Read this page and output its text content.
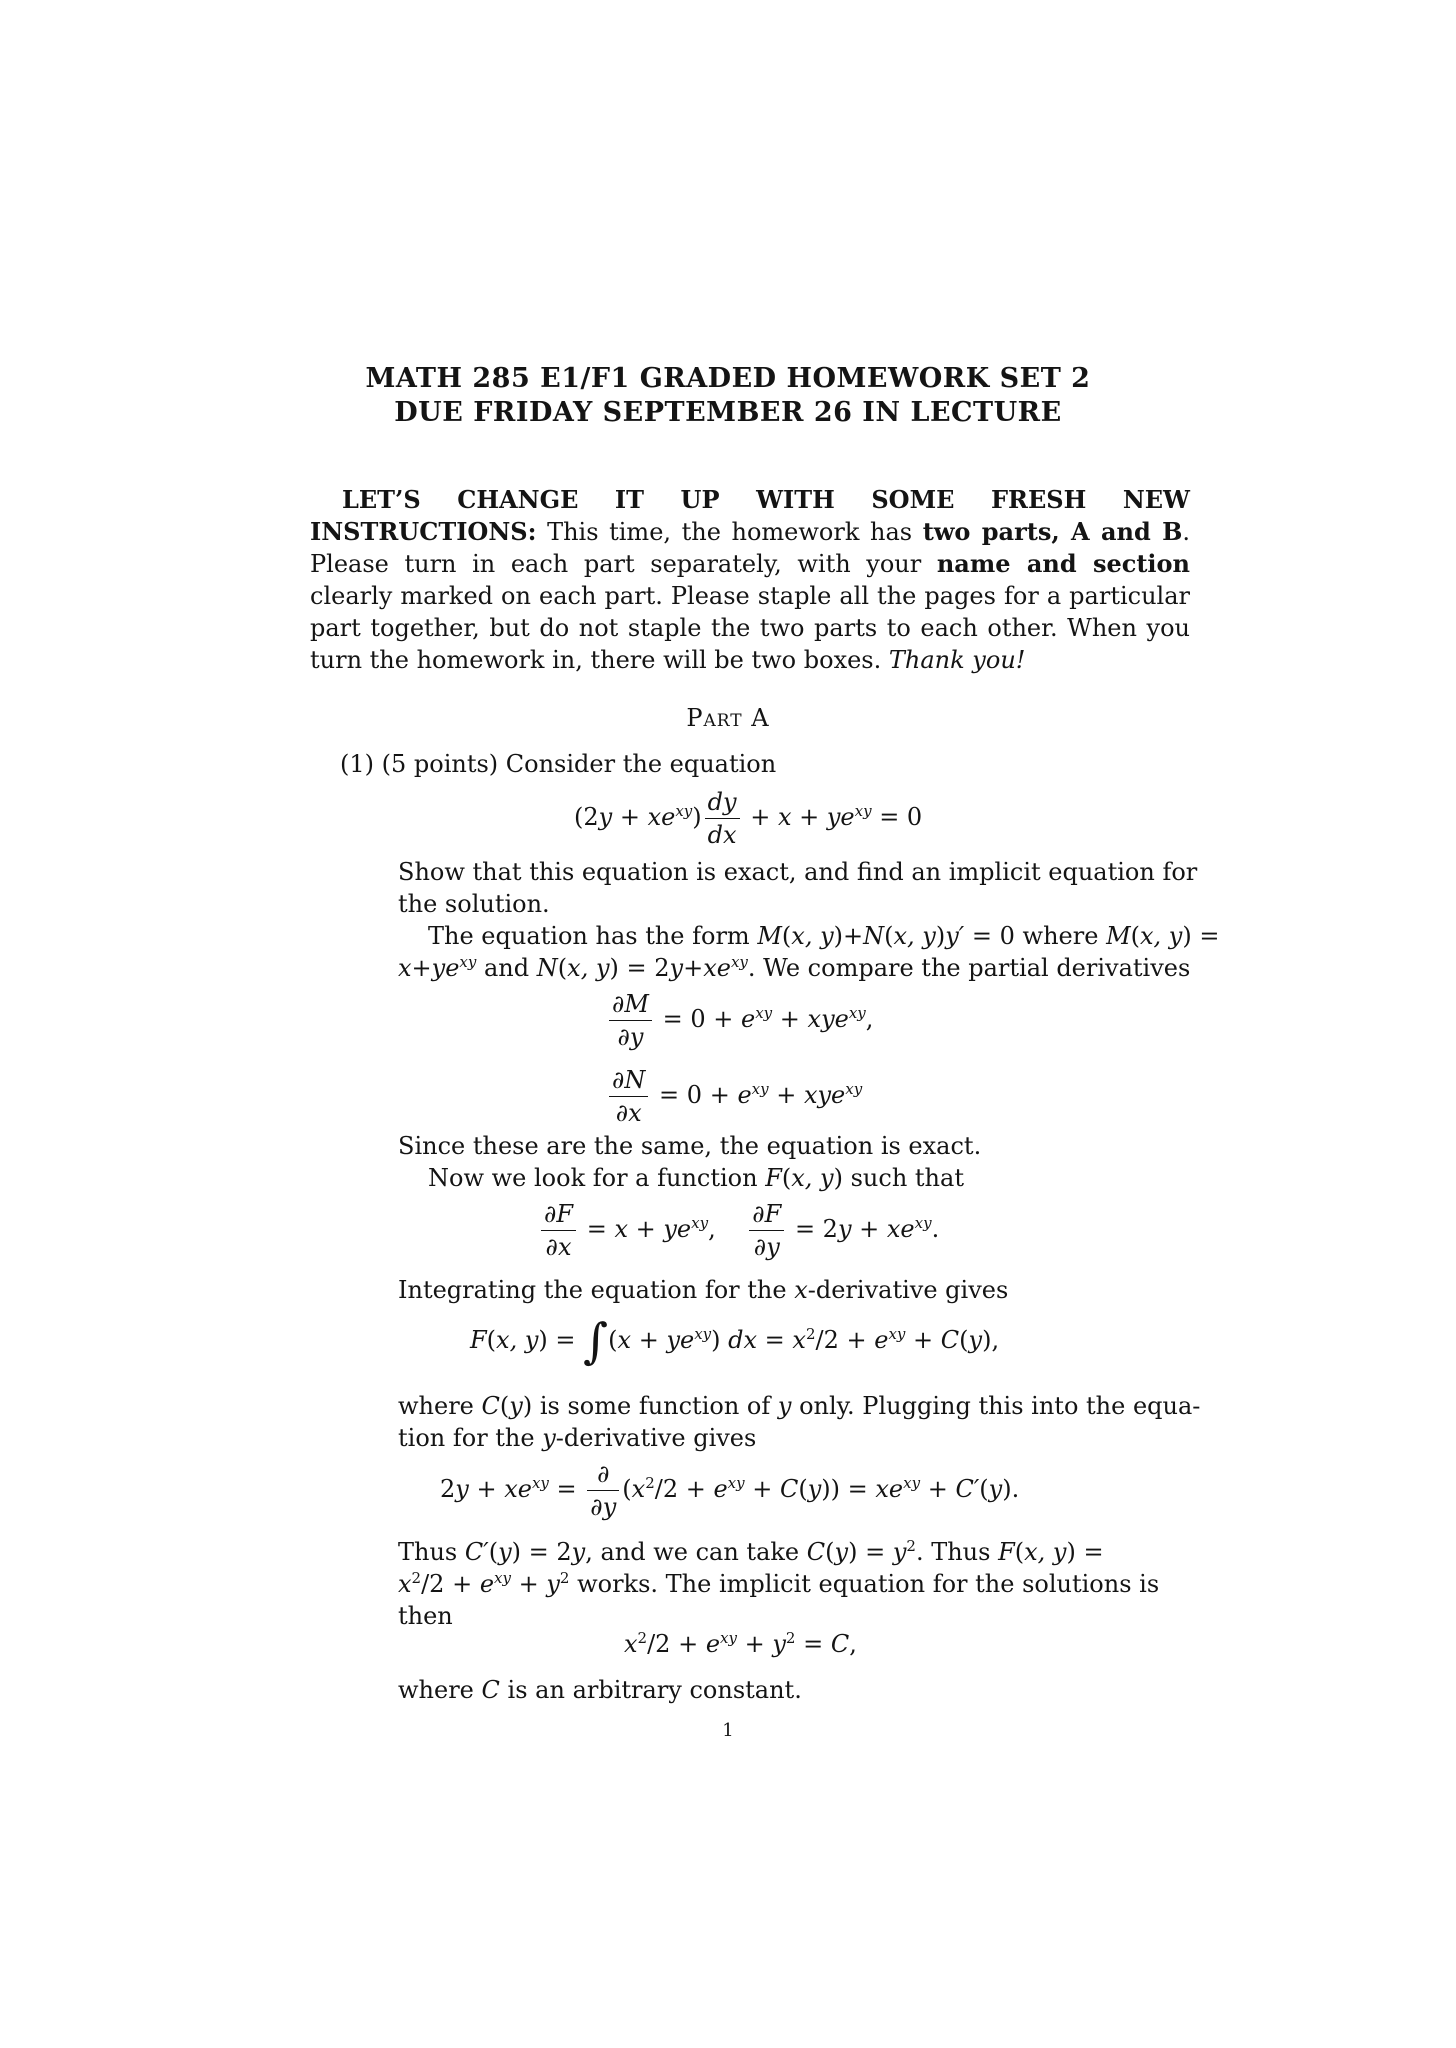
MATH 285 E1/F1 GRADED HOMEWORK SET 2
DUE FRIDAY SEPTEMBER 26 IN LECTURE
LET’S CHANGE IT UP WITH SOME FRESH NEW INSTRUCTIONS: This time, the homework has two parts, A and B. Please turn in each part separately, with your name and section clearly marked on each part. Please staple all the pages for a particular part together, but do not staple the two parts to each other. When you turn the homework in, there will be two boxes. Thank you!
Part A
(1) (5 points) Consider the equation
$(2y + xe^{xy}) \frac{dy}{dx} + x + ye^{xy} = 0$
Show that this equation is exact, and find an implicit equation for
the solution.
The equation has the form M(x, y)+N(x, y)y′ = 0 where M(x, y) =
$x+ye^{xy}$ and N(x, $y) = 2y+xe^{xy}$. We compare the partial derivatives
$\frac{\partial M}{\partial y} = 0 + e^{xy} + xye^{xy}$,
$\frac{\partial N}{\partial x} = 0 + e^{xy} + xye^{xy}$
Since these are the same, the equation is exact.
Now we look for a function F(x, y) such that
$\frac{\partial F}{\partial x} = x + ye^{xy}$, $\frac{\partial F}{\partial y} = 2y + xe^{xy}$.
Integrating the equation for the x-derivative gives
F(x, $y) = \int(x + ye^{xy})$ dx = $x^2/2 + e^{xy} + C(y)$,
where C(y) is some function of y only. Plugging this into the equa-
tion for the y-derivative gives
$2y + xe^{xy} = \frac{\partial}{\partial y} (x^2/2 + e^{xy} + C(y)) = xe^{xy} + C'(y)$.
Thus C′(y) = 2y, and we can take $C(y) = y^2$. Thus F(x, y) =
$x^2/2 + e^{xy} + y^2$ works. The implicit equation for the solutions is
then
$x^2/2 + e^{xy} + y^2 = C$,
where C is an arbitrary constant.
1
